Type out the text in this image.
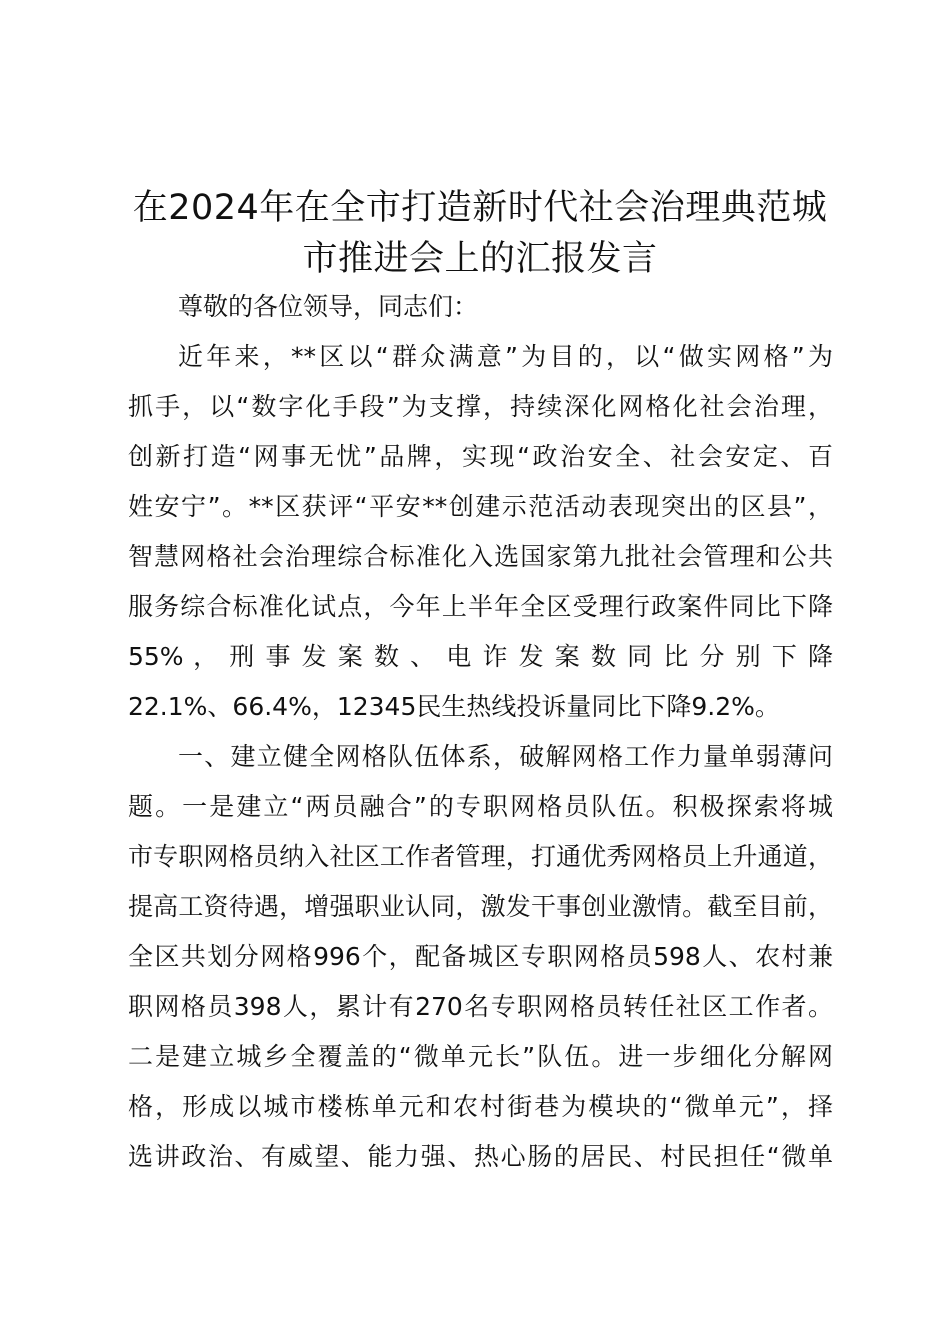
在2024年在全市打造新时代社会治理典范城
市推进会上的汇报发言
尊敬的各位领导，同志们：
近年来，**区以“群众满意”为目的，以“做实网格”为
抓手，以“数字化手段”为支撑，持续深化网格化社会治理，
创新打造“网事无忧”品牌，实现“政治安全、社会安定、百
姓安宁”。**区获评“平安**创建示范活动表现突出的区县”，
智慧网格社会治理综合标准化入选国家第九批社会管理和公共
服务综合标准化试点，今年上半年全区受理行政案件同比下降
55% ， 刑 事 发 案 数 、 电 诈 发 案 数 同 比 分 别 下 降
22.1%、66.4%，12345民生热线投诉量同比下降9.2%。
一、建立健全网格队伍体系，破解网格工作力量单弱薄问
题。一是建立“两员融合”的专职网格员队伍。积极探索将城
市专职网格员纳入社区工作者管理，打通优秀网格员上升通道，
提高工资待遇，增强职业认同，激发干事创业激情。截至目前，
全区共划分网格996个，配备城区专职网格员598人、农村兼
职网格员398人，累计有270名专职网格员转任社区工作者。
二是建立城乡全覆盖的“微单元长”队伍。进一步细化分解网
格，形成以城市楼栋单元和农村街巷为模块的“微单元”，择
选讲政治、有威望、能力强、热心肠的居民、村民担任“微单
